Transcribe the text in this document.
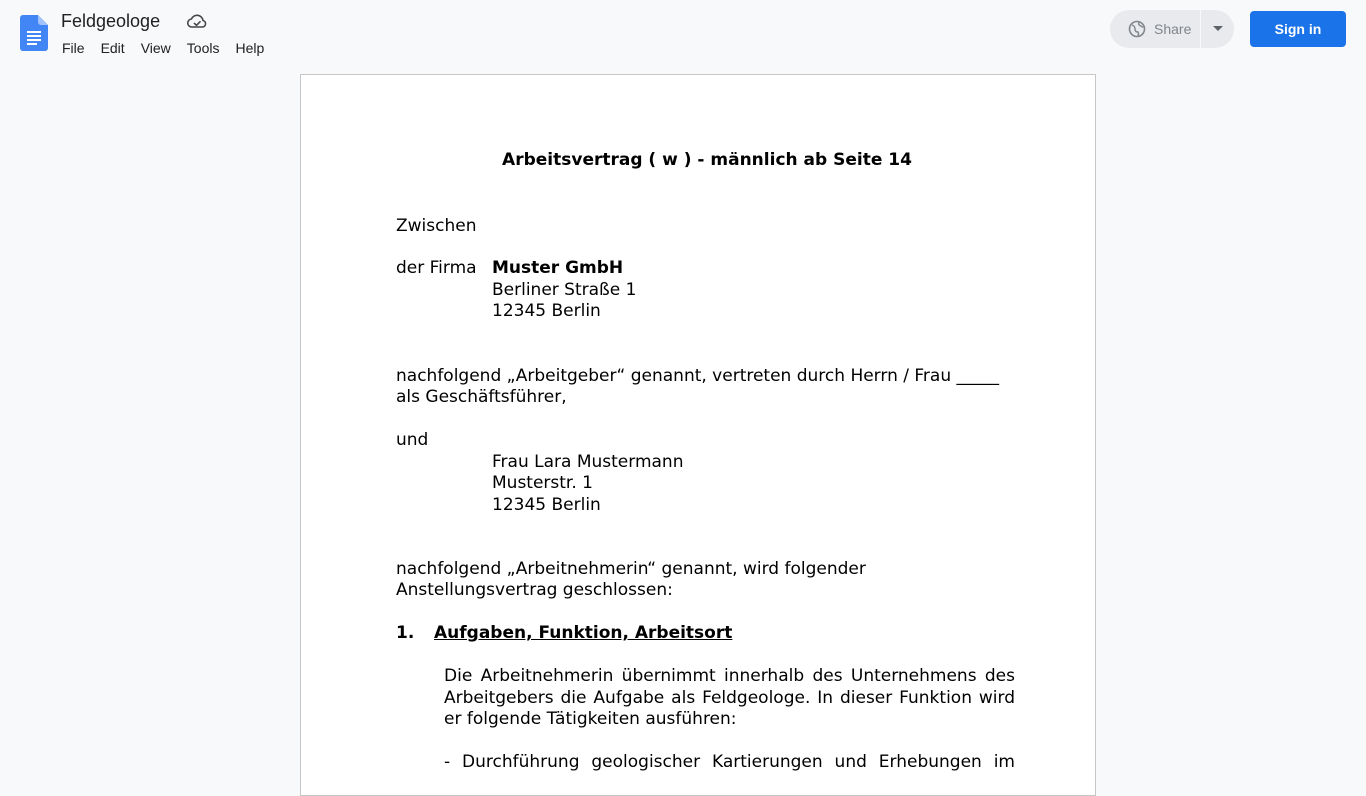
Feldgeologe
File	Edit	View	Tools	Help
Share	Sign in
Arbeitsvertrag ( w ) - männlich ab Seite 14
Zwischen
der Firma Muster GmbH
Berliner Straße 1
12345 Berlin
nachfolgend „Arbeitgeber“ genannt, vertreten durch Herrn / Frau _____
als Geschäftsführer,
und
Frau Lara Mustermann
Musterstr. 1
12345 Berlin
nachfolgend „Arbeitnehmerin“ genannt, wird folgender
Anstellungsvertrag geschlossen:
1. Aufgaben, Funktion, Arbeitsort
Die Arbeitnehmerin übernimmt innerhalb des Unternehmens des
Arbeitgebers die Aufgabe als Feldgeologe. In dieser Funktion wird
er folgende Tätigkeiten ausführen:
- Durchführung geologischer Kartierungen und Erhebungen im
